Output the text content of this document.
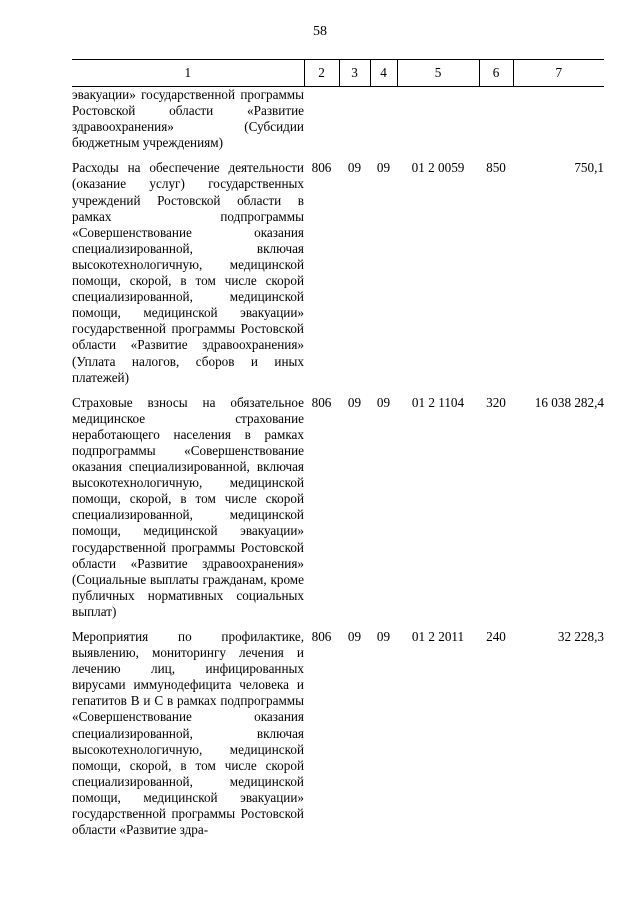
58
1	2	3	4	5	6	7
эвакуации» государственной программы Ростовской области «Развитие здравоохранения» (Субсидии бюджетным учреждениям)						

Расходы на обеспечение деятельности (оказание услуг) государственных учреждений Ростовской области в рамках подпрограммы «Совершенствование оказания специализированной, включая высокотехнологичную, медицинской помощи, скорой, в том числе скорой специализированной, медицинской помощи, медицинской эвакуации» государственной программы Ростовской области «Развитие здравоохранения» (Уплата налогов, сборов и иных платежей)	806	09	09	01 2 0059	850	750,1

Страховые взносы на обязательное медицинское страхование неработающего населения в рамках подпрограммы «Совершенствование оказания специализированной, включая высокотехнологичную, медицинской помощи, скорой, в том числе скорой специализированной, медицинской помощи, медицинской эвакуации» государственной программы Ростовской области «Развитие здравоохранения» (Социальные выплаты гражданам, кроме публичных нормативных социальных выплат)	806	09	09	01 2 1104	320	16 038 282,4

Мероприятия по профилактике, выявлению, мониторингу лечения и лечению лиц, инфицированных вирусами иммунодефицита человека и гепатитов B и C в рамках подпрограммы «Совершенствование оказания специализированной, включая высокотехнологичную, медицинской помощи, скорой, в том числе скорой специализированной, медицинской помощи, медицинской эвакуации» государственной программы Ростовской области «Развитие здра-	806	09	09	01 2 2011	240	32 228,3
